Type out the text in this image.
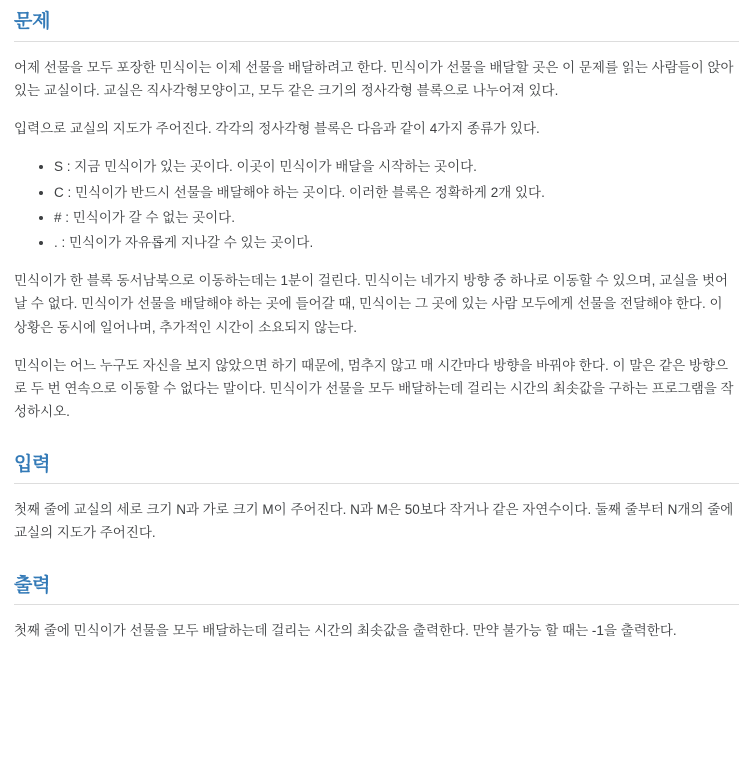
문제

어제 선물을 모두 포장한 민식이는 이제 선물을 배달하려고 한다. 민식이가 선물을 배달할 곳은 이 문제를 읽는 사람들이 앉아 있는 교실이다. 교실은 직사각형모양이고, 모두 같은 크기의 정사각형 블록으로 나누어져 있다.

입력으로 교실의 지도가 주어진다. 각각의 정사각형 블록은 다음과 같이 4가지 종류가 있다.

• S : 지금 민식이가 있는 곳이다. 이곳이 민식이가 배달을 시작하는 곳이다.
• C : 민식이가 반드시 선물을 배달해야 하는 곳이다. 이러한 블록은 정확하게 2개 있다.
• # : 민식이가 갈 수 없는 곳이다.
• . : 민식이가 자유롭게 지나갈 수 있는 곳이다.

민식이가 한 블록 동서남북으로 이동하는데는 1분이 걸린다. 민식이는 네가지 방향 중 하나로 이동할 수 있으며, 교실을 벗어날 수 없다. 민식이가 선물을 배달해야 하는 곳에 들어갈 때, 민식이는 그 곳에 있는 사람 모두에게 선물을 전달해야 한다. 이 상황은 동시에 일어나며, 추가적인 시간이 소요되지 않는다.

민식이는 어느 누구도 자신을 보지 않았으면 하기 때문에, 멈추지 않고 매 시간마다 방향을 바꿔야 한다. 이 말은 같은 방향으로 두 번 연속으로 이동할 수 없다는 말이다. 민식이가 선물을 모두 배달하는데 걸리는 시간의 최솟값을 구하는 프로그램을 작성하시오.

입력

첫째 줄에 교실의 세로 크기 N과 가로 크기 M이 주어진다. N과 M은 50보다 작거나 같은 자연수이다. 둘째 줄부터 N개의 줄에 교실의 지도가 주어진다.

출력

첫째 줄에 민식이가 선물을 모두 배달하는데 걸리는 시간의 최솟값을 출력한다. 만약 불가능 할 때는 -1을 출력한다.
